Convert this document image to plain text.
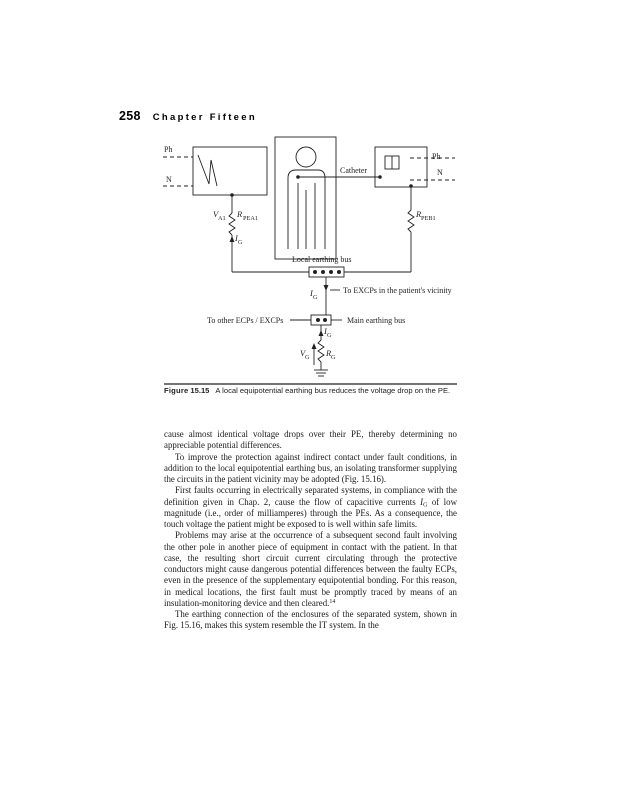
258 Chapter Fifteen
Ph
N
Ph
N
Catheter
V A1 R PEA1
I G
R PEB1
Local earthing bus
I G
To EXCPs in the patient's vicinity
To other ECPs / EXCPs	Main earthing bus
I G
V G R G
Figure 15.15 A local equipotential earthing bus reduces the voltage drop on the PE.

cause almost identical voltage drops over their PE, thereby determining no appreciable potential differences.

To improve the protection against indirect contact under fault conditions, in addition to the local equipotential earthing bus, an isolating transformer supplying the circuits in the patient vicinity may be adopted (Fig. 15.16).

First faults occurring in electrically separated systems, in compliance with the definition given in Chap. 2, cause the flow of capacitive currents $I_G$ of low magnitude (i.e., order of milliamperes) through the PEs. As a consequence, the touch voltage the patient might be exposed to is well within safe limits.

Problems may arise at the occurrence of a subsequent second fault involving the other pole in another piece of equipment in contact with the patient. In that case, the resulting short circuit current circulating through the protective conductors might cause dangerous potential differences between the faulty ECPs, even in the presence of the supplementary equipotential bonding. For this reason, in medical locations, the first fault must be promptly traced by means of an insulation-monitoring device and then cleared.$^{14}$

The earthing connection of the enclosures of the separated system, shown in Fig. 15.16, makes this system resemble the IT system. In the
